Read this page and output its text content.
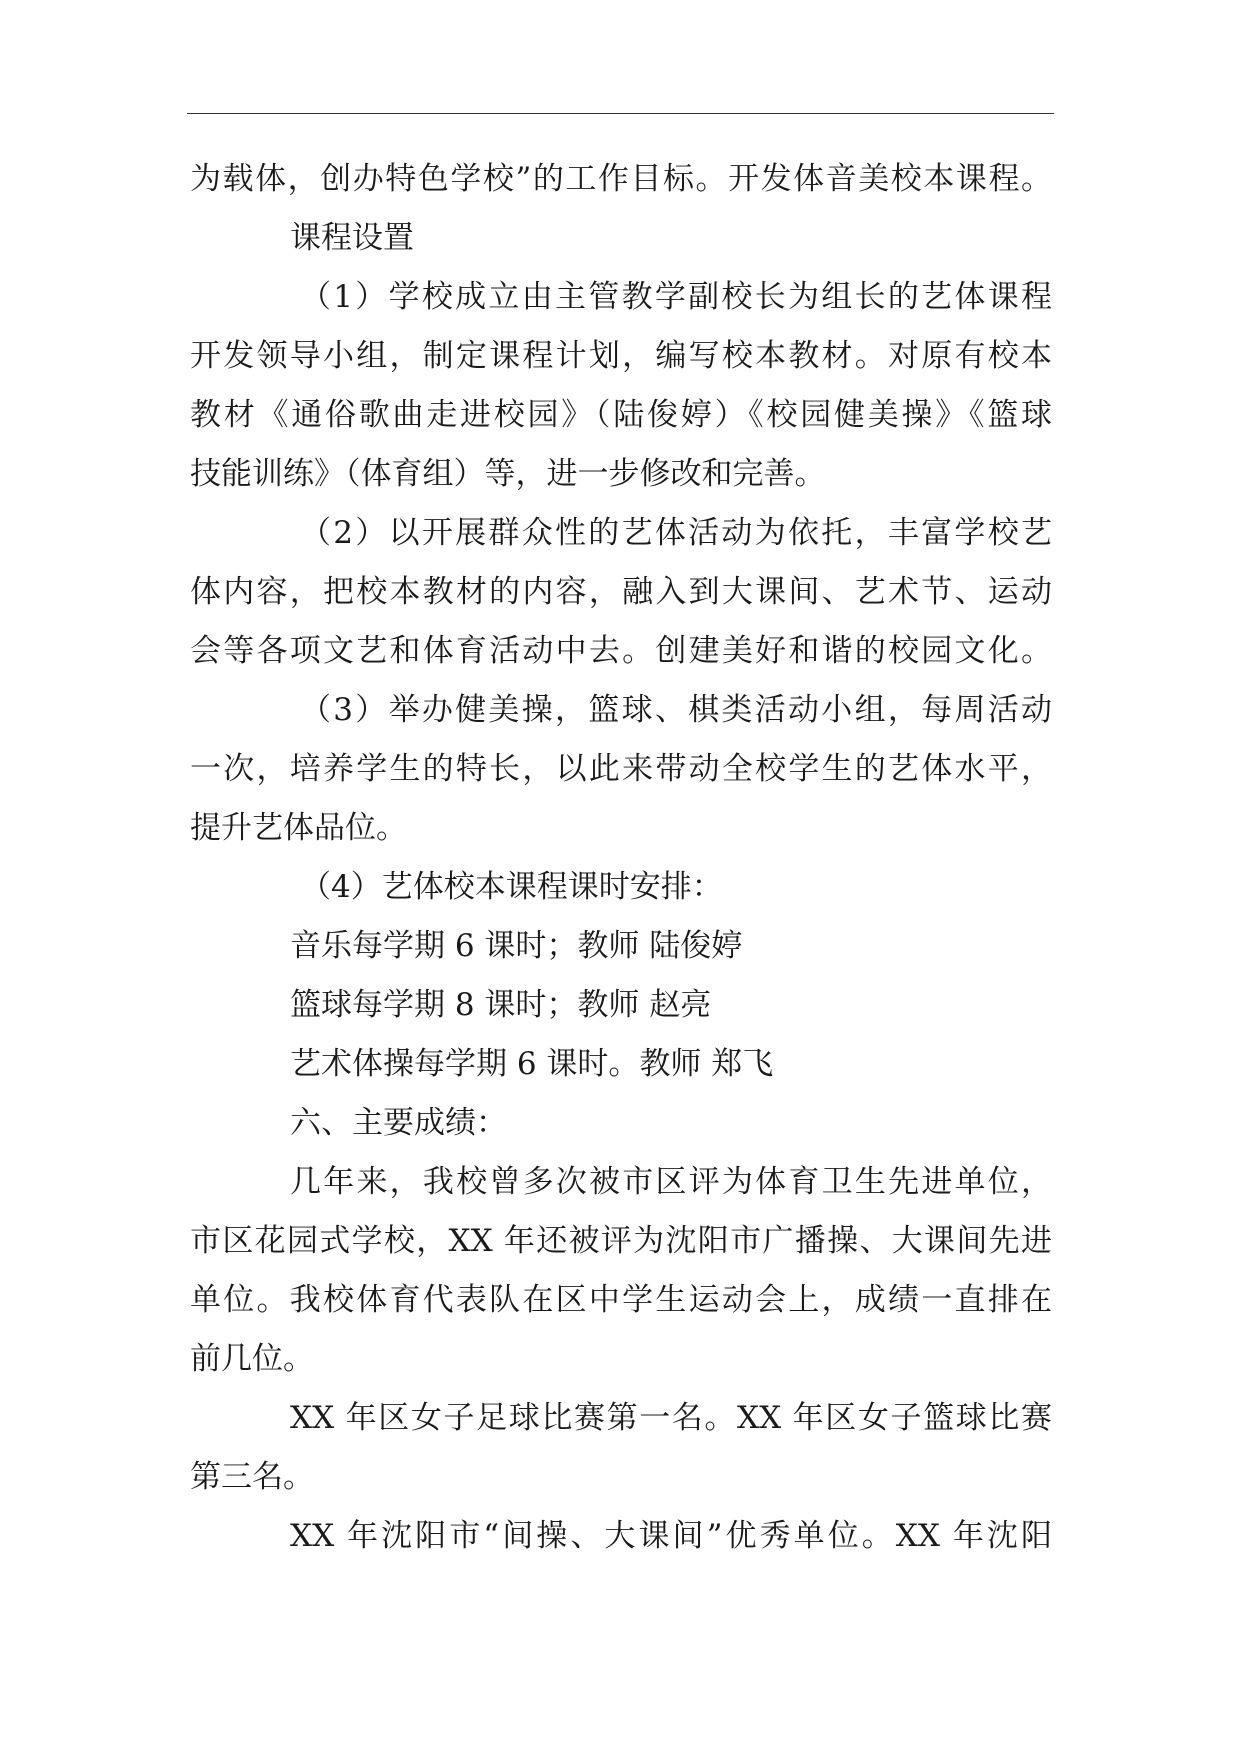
为载体，创办特色学校”的工作目标。开发体音美校本课程。
课程设置
（1）学校成立由主管教学副校长为组长的艺体课程
开发领导小组，制定课程计划，编写校本教材。对原有校本
教材《通俗歌曲走进校园》（陆俊婷）《校园健美操》《篮球
技能训练》（体育组）等，进一步修改和完善。
（2）以开展群众性的艺体活动为依托，丰富学校艺
体内容，把校本教材的内容，融入到大课间、艺术节、运动
会等各项文艺和体育活动中去。创建美好和谐的校园文化。
（3）举办健美操，篮球、棋类活动小组，每周活动
一次，培养学生的特长，以此来带动全校学生的艺体水平，
提升艺体品位。
（4）艺体校本课程课时安排：
音乐每学期 6 课时；教师 陆俊婷
篮球每学期 8 课时；教师 赵亮
艺术体操每学期 6 课时。教师 郑飞
六、主要成绩：
几年来，我校曾多次被市区评为体育卫生先进单位，
市区花园式学校，XX 年还被评为沈阳市广播操、大课间先进
单位。我校体育代表队在区中学生运动会上，成绩一直排在
前几位。
XX 年区女子足球比赛第一名。XX 年区女子篮球比赛
第三名。
XX 年沈阳市“间操、大课间”优秀单位。XX 年沈阳
